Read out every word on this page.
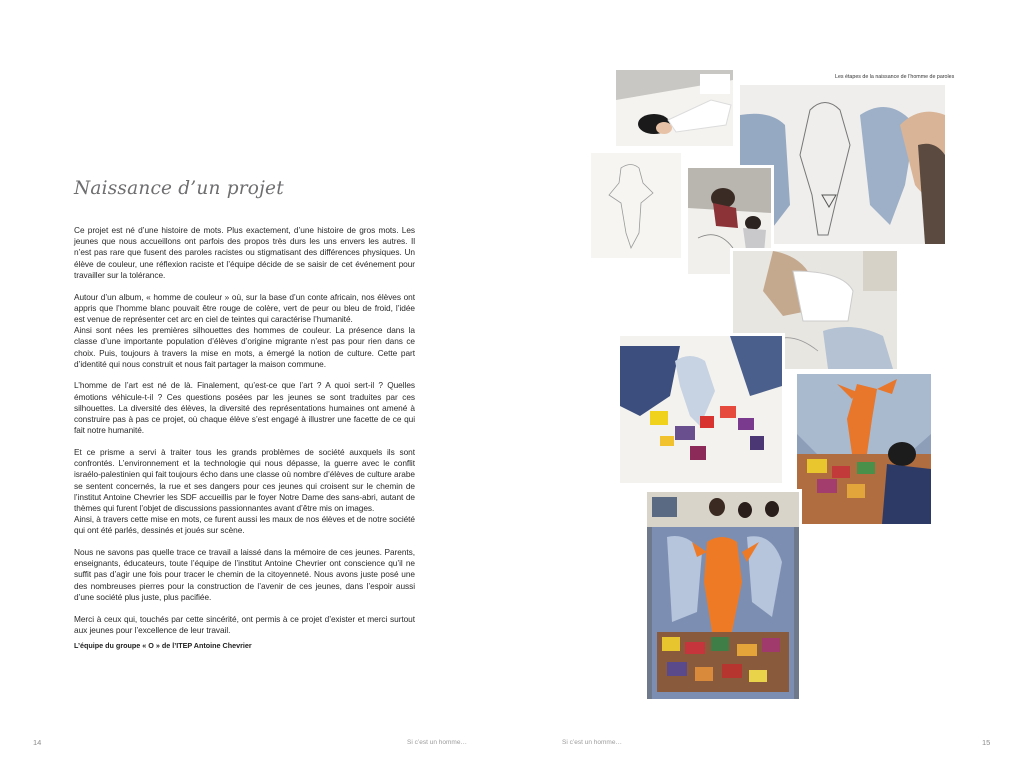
Naissance d’un projet

Ce projet est né d’une histoire de mots. Plus exactement, d’une histoire de gros mots. Les jeunes que nous accueillons ont parfois des propos très durs les uns envers les autres. Il n’est pas rare que fusent des paroles racistes ou stigmatisant des différences physiques. Un élève de couleur, une réflexion raciste et l’équipe décide de se saisir de cet événement pour travailler sur la tolérance.

Autour d’un album, « homme de couleur » où, sur la base d’un conte africain, nos élèves ont appris que l’homme blanc pouvait être rouge de colère, vert de peur ou bleu de froid, l’idée est venue de représenter cet arc en ciel de teintes qui caractérise l’humanité.
Ainsi sont nées les premières silhouettes des hommes de couleur. La présence dans la classe d’une importante population d’élèves d’origine migrante n’est pas pour rien dans ce choix. Puis, toujours à travers la mise en mots, a émergé la notion de culture. Cette part d’identité qui nous construit et nous fait partager la maison commune.

L’homme de l’art est né de là. Finalement, qu’est-ce que l’art ? A quoi sert-il ? Quelles émotions véhicule-t-il ? Ces questions posées par les jeunes se sont traduites par ces silhouettes. La diversité des élèves, la diversité des représentations humaines ont amené à construire pas à pas ce projet, où chaque élève s’est engagé à illustrer une facette de ce qui fait notre humanité.

Et ce prisme a servi à traiter tous les grands problèmes de société auxquels ils sont confrontés. L’environnement et la technologie qui nous dépasse, la guerre avec le conflit israélo-palestinien qui fait toujours écho dans une classe où nombre d’élèves de culture arabe se sentent concernés, la rue et ses dangers pour ces jeunes qui croisent sur le chemin de l’institut Antoine Chevrier les SDF accueillis par le foyer Notre Dame des sans-abri, autant de thèmes qui furent l’objet de discussions passionnantes avant d’être mis on images.
Ainsi, à travers cette mise en mots, ce furent aussi les maux de nos élèves et de notre société qui ont été parlés, dessinés et joués sur scène.

Nous ne savons pas quelle trace ce travail a laissé dans la mémoire de ces jeunes. Parents, enseignants, éducateurs, toute l’équipe de l’institut Antoine Chevrier ont conscience qu’il ne suffit pas d’agir une fois pour tracer le chemin de la citoyenneté. Nous avons juste posé une des nombreuses pierres pour la construction de l’avenir de ces jeunes, dans l’espoir aussi d’une société plus juste, plus pacifiée.

Merci à ceux qui, touchés par cette sincérité, ont permis à ce projet d’exister et merci surtout aux jeunes pour l’excellence de leur travail.

L’équipe du groupe « O » de l’ITEP Antoine Chevrier
14	Si c’est un homme…	Si c’est un homme…	15
Les étapes de la naissance de l’homme de paroles
